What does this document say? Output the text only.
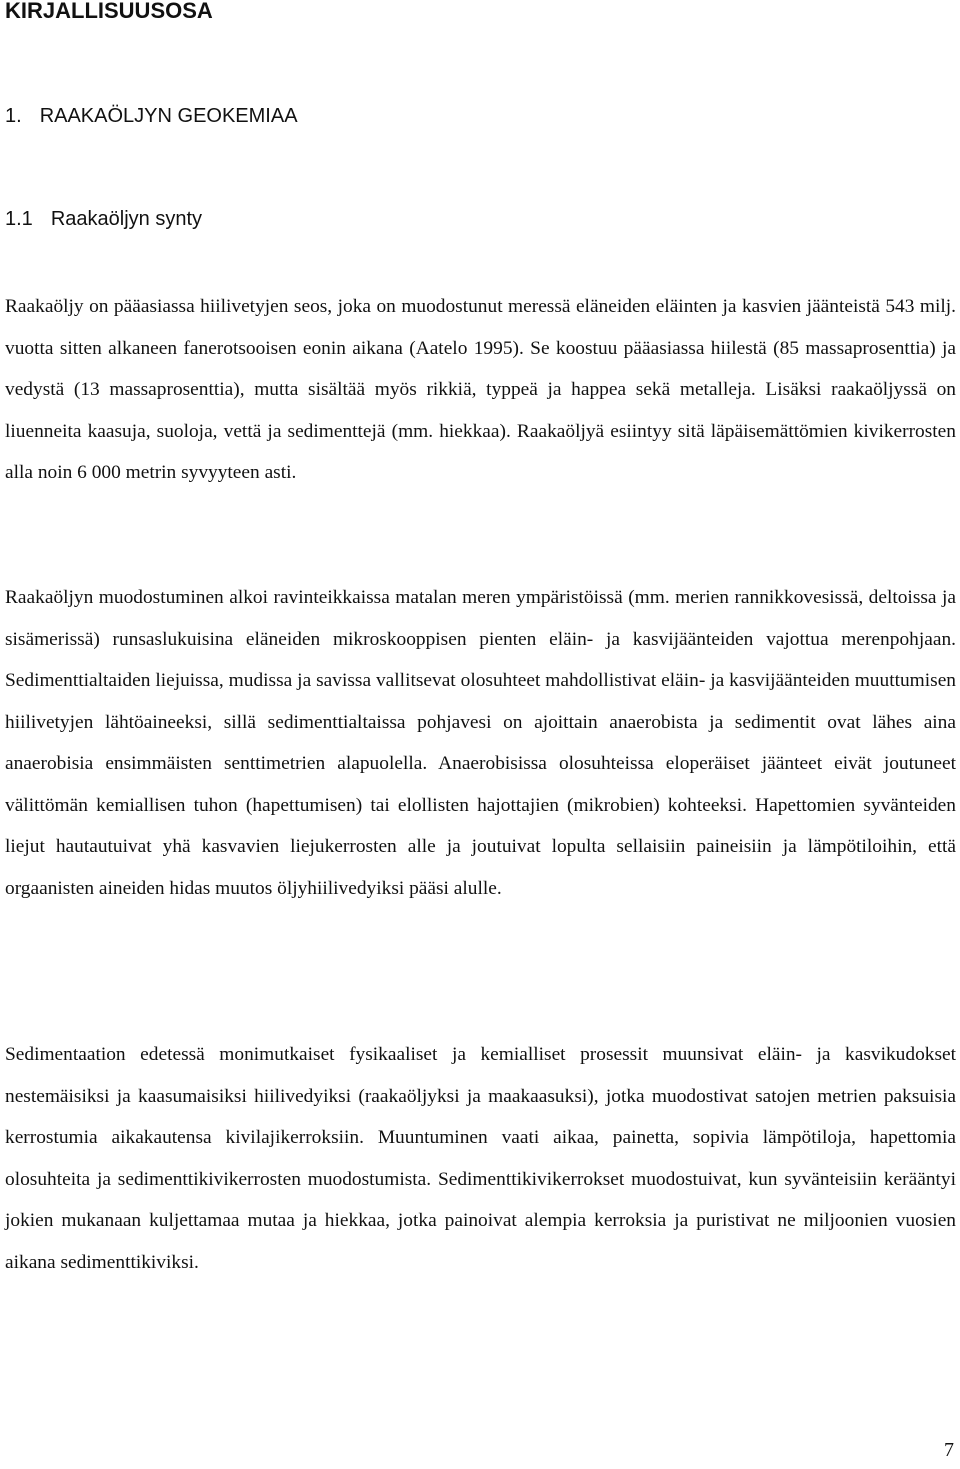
KIRJALLISUUSOSA
1. RAAKAÖLJYN GEOKEMIAA
1.1 Raakaöljyn synty

Raakaöljy on pääasiassa hiilivetyjen seos, joka on muodostunut meressä eläneiden eläinten ja kasvien jäänteistä 543 milj. vuotta sitten alkaneen fanerotsooisen eonin aikana (Aatelo 1995). Se koostuu pääasiassa hiilestä (85 massaprosenttia) ja vedystä (13 massaprosenttia), mutta sisältää myös rikkiä, typpeä ja happea sekä metalleja. Lisäksi raakaöljyssä on liuenneita kaasuja, suoloja, vettä ja sedimenttejä (mm. hiekkaa). Raakaöljyä esiintyy sitä läpäisemättömien kivikerrosten alla noin 6 000 metrin syvyyteen asti.

Raakaöljyn muodostuminen alkoi ravinteikkaissa matalan meren ympäristöissä (mm. merien rannikkovesissä, deltoissa ja sisämerissä) runsaslukuisina eläneiden mikroskooppisen pienten eläin- ja kasvijäänteiden vajottua merenpohjaan. Sedimenttialtaiden liejuissa, mudissa ja savissa vallitsevat olosuhteet mahdollistivat eläin- ja kasvijäänteiden muuttumisen hiilivetyjen lähtöaineeksi, sillä sedimenttialtaissa pohjavesi on ajoittain anaerobista ja sedimentit ovat lähes aina anaerobisia ensimmäisten senttimetrien alapuolella. Anaerobisissa olosuhteissa eloperäiset jäänteet eivät joutuneet välittömän kemiallisen tuhon (hapettumisen) tai elollisten hajottajien (mikrobien) kohteeksi. Hapettomien syvänteiden liejut hautautuivat yhä kasvavien liejukerrosten alle ja joutuivat lopulta sellaisiin paineisiin ja lämpötiloihin, että orgaanisten aineiden hidas muutos öljyhiilivedyiksi pääsi alulle.

Sedimentaation edetessä monimutkaiset fysikaaliset ja kemialliset prosessit muunsivat eläin- ja kasvikudokset nestemäisiksi ja kaasumaisiksi hiilivedyiksi (raakaöljyksi ja maakaasuksi), jotka muodostivat satojen metrien paksuisia kerrostumia aikakautensa kivilajikerroksiin. Muuntuminen vaati aikaa, painetta, sopivia lämpötiloja, hapettomia olosuhteita ja sedimenttikivikerrosten muodostumista. Sedimenttikivikerrokset muodostuivat, kun syvänteisiin kerääntyi jokien mukanaan kuljettamaa mutaa ja hiekkaa, jotka painoivat alempia kerroksia ja puristivat ne miljoonien vuosien aikana sedimenttikiviksi.

7
